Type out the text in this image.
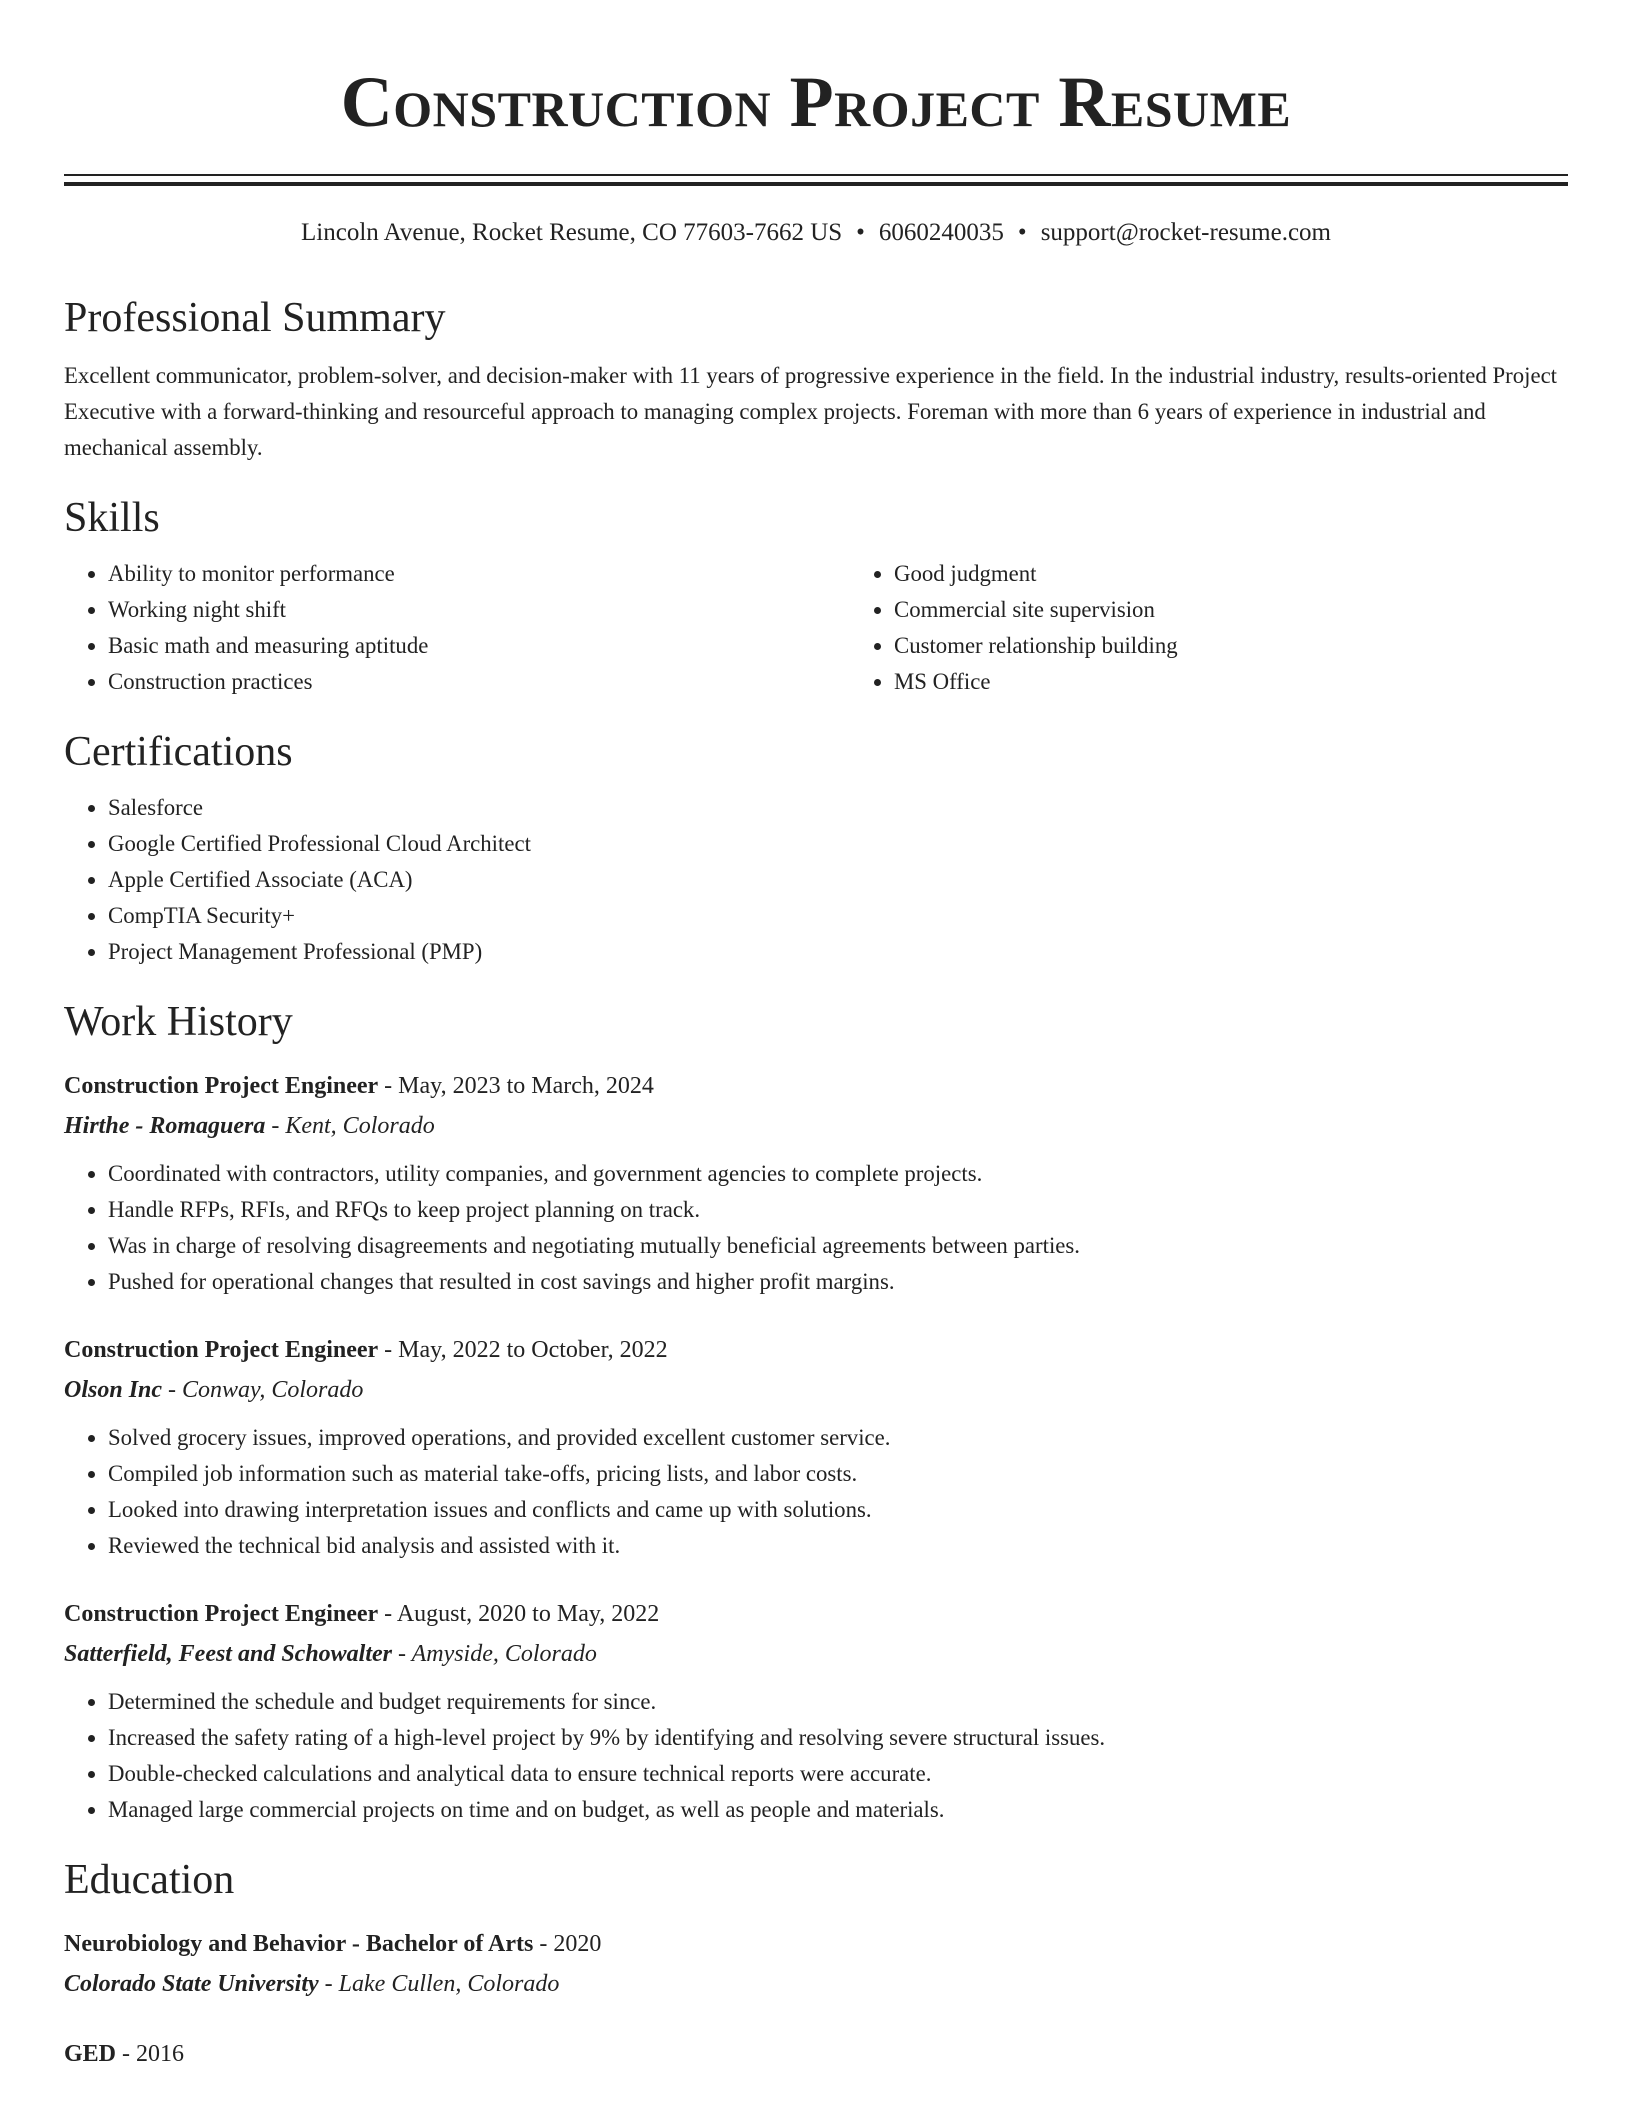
Construction Project Resume
Lincoln Avenue, Rocket Resume, CO 77603-7662 US • 6060240035 • support@rocket-resume.com
Professional Summary

Excellent communicator, problem-solver, and decision-maker with 11 years of progressive experience in the field. In the industrial industry, results-oriented Project Executive with a forward-thinking and resourceful approach to managing complex projects. Foreman with more than 6 years of experience in industrial and mechanical assembly.

Skills
• Ability to monitor performance
• Working night shift
• Basic math and measuring aptitude
• Construction practices
• Good judgment
• Commercial site supervision
• Customer relationship building
• MS Office
Certifications
• Salesforce
• Google Certified Professional Cloud Architect
• Apple Certified Associate (ACA)
• CompTIA Security+
• Project Management Professional (PMP)
Work History
Construction Project Engineer - May, 2023 to March, 2024
Hirthe - Romaguera - Kent, Colorado
• Coordinated with contractors, utility companies, and government agencies to complete projects.
• Handle RFPs, RFIs, and RFQs to keep project planning on track.
• Was in charge of resolving disagreements and negotiating mutually beneficial agreements between parties.
• Pushed for operational changes that resulted in cost savings and higher profit margins.
Construction Project Engineer - May, 2022 to October, 2022
Olson Inc - Conway, Colorado
• Solved grocery issues, improved operations, and provided excellent customer service.
• Compiled job information such as material take-offs, pricing lists, and labor costs.
• Looked into drawing interpretation issues and conflicts and came up with solutions.
• Reviewed the technical bid analysis and assisted with it.
Construction Project Engineer - August, 2020 to May, 2022
Satterfield, Feest and Schowalter - Amyside, Colorado
• Determined the schedule and budget requirements for since.
• Increased the safety rating of a high-level project by 9% by identifying and resolving severe structural issues.
• Double-checked calculations and analytical data to ensure technical reports were accurate.
• Managed large commercial projects on time and on budget, as well as people and materials.
Education
Neurobiology and Behavior - Bachelor of Arts - 2020
Colorado State University - Lake Cullen, Colorado
GED - 2016
